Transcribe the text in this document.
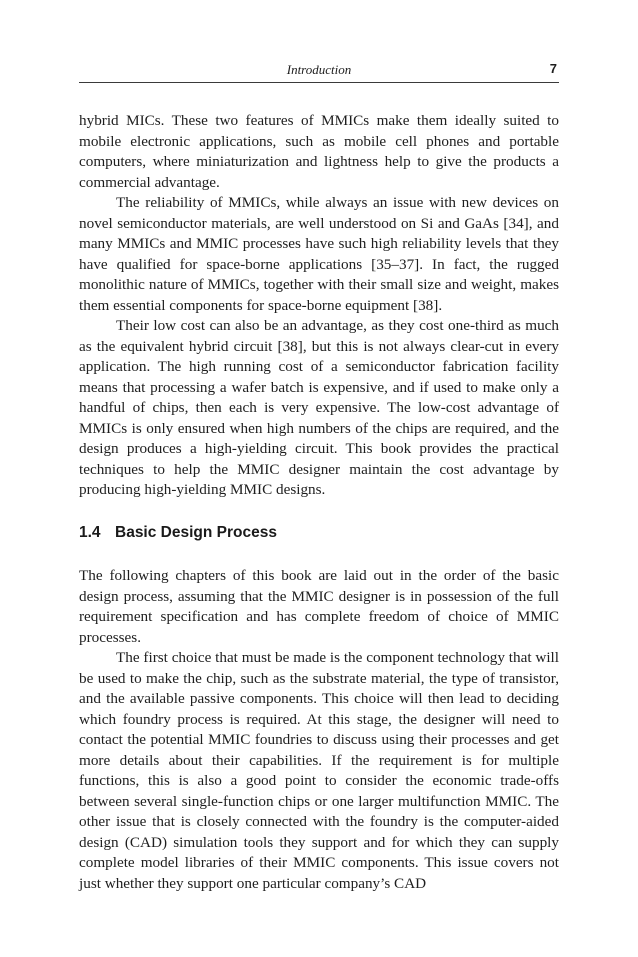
Introduction	7

hybrid MICs. These two features of MMICs make them ideally suited to mobile electronic applications, such as mobile cell phones and portable computers, where miniaturization and lightness help to give the products a commercial advantage.

The reliability of MMICs, while always an issue with new devices on novel semiconductor materials, are well understood on Si and GaAs [34], and many MMICs and MMIC processes have such high reliability levels that they have qualified for space-borne applications [35–37]. In fact, the rugged monolithic nature of MMICs, together with their small size and weight, makes them essential components for space-borne equipment [38].

Their low cost can also be an advantage, as they cost one-third as much as the equivalent hybrid circuit [38], but this is not always clear-cut in every application. The high running cost of a semiconductor fabrication facility means that processing a wafer batch is expensive, and if used to make only a handful of chips, then each is very expensive. The low-cost advantage of MMICs is only ensured when high numbers of the chips are required, and the design produces a high-yielding circuit. This book provides the practical techniques to help the MMIC designer maintain the cost advantage by producing high-yielding MMIC designs.

1.4 Basic Design Process

The following chapters of this book are laid out in the order of the basic design process, assuming that the MMIC designer is in possession of the full requirement specification and has complete freedom of choice of MMIC processes.

The first choice that must be made is the component technology that will be used to make the chip, such as the substrate material, the type of transistor, and the available passive components. This choice will then lead to deciding which foundry process is required. At this stage, the designer will need to contact the potential MMIC foundries to discuss using their processes and get more details about their capabilities. If the requirement is for multiple functions, this is also a good point to consider the economic trade-offs between several single-function chips or one larger multifunction MMIC. The other issue that is closely connected with the foundry is the computer-aided design (CAD) simulation tools they support and for which they can supply complete model libraries of their MMIC components. This issue covers not just whether they support one particular company’s CAD
